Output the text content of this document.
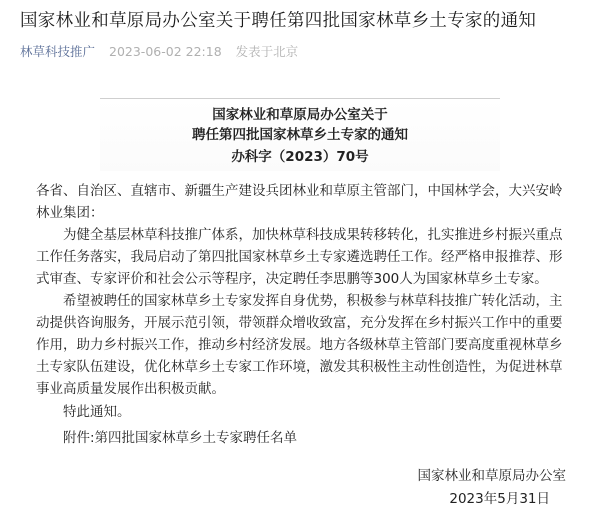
国家林业和草原局办公室关于聘任第四批国家林草乡土专家的通知
林草科技推广 2023-06-02 22:18 发表于北京
国家林业和草原局办公室关于
聘任第四批国家林草乡土专家的通知
办科字（2023）70号
各省、自治区、直辖市、新疆生产建设兵团林业和草原主管部门，中国林学会，大兴安岭
林业集团：
为健全基层林草科技推广体系，加快林草科技成果转移转化，扎实推进乡村振兴重点
工作任务落实，我局启动了第四批国家林草乡土专家遴选聘任工作。经严格申报推荐、形
式审查、专家评价和社会公示等程序，决定聘任李思鹏等300人为国家林草乡土专家。
希望被聘任的国家林草乡土专家发挥自身优势，积极参与林草科技推广转化活动，主
动提供咨询服务，开展示范引领，带领群众增收致富，充分发挥在乡村振兴工作中的重要
作用，助力乡村振兴工作，推动乡村经济发展。地方各级林草主管部门要高度重视林草乡
土专家队伍建设，优化林草乡土专家工作环境，激发其积极性主动性创造性，为促进林草
事业高质量发展作出积极贡献。
特此通知。
附件:第四批国家林草乡土专家聘任名单
国家林业和草原局办公室
2023年5月31日
